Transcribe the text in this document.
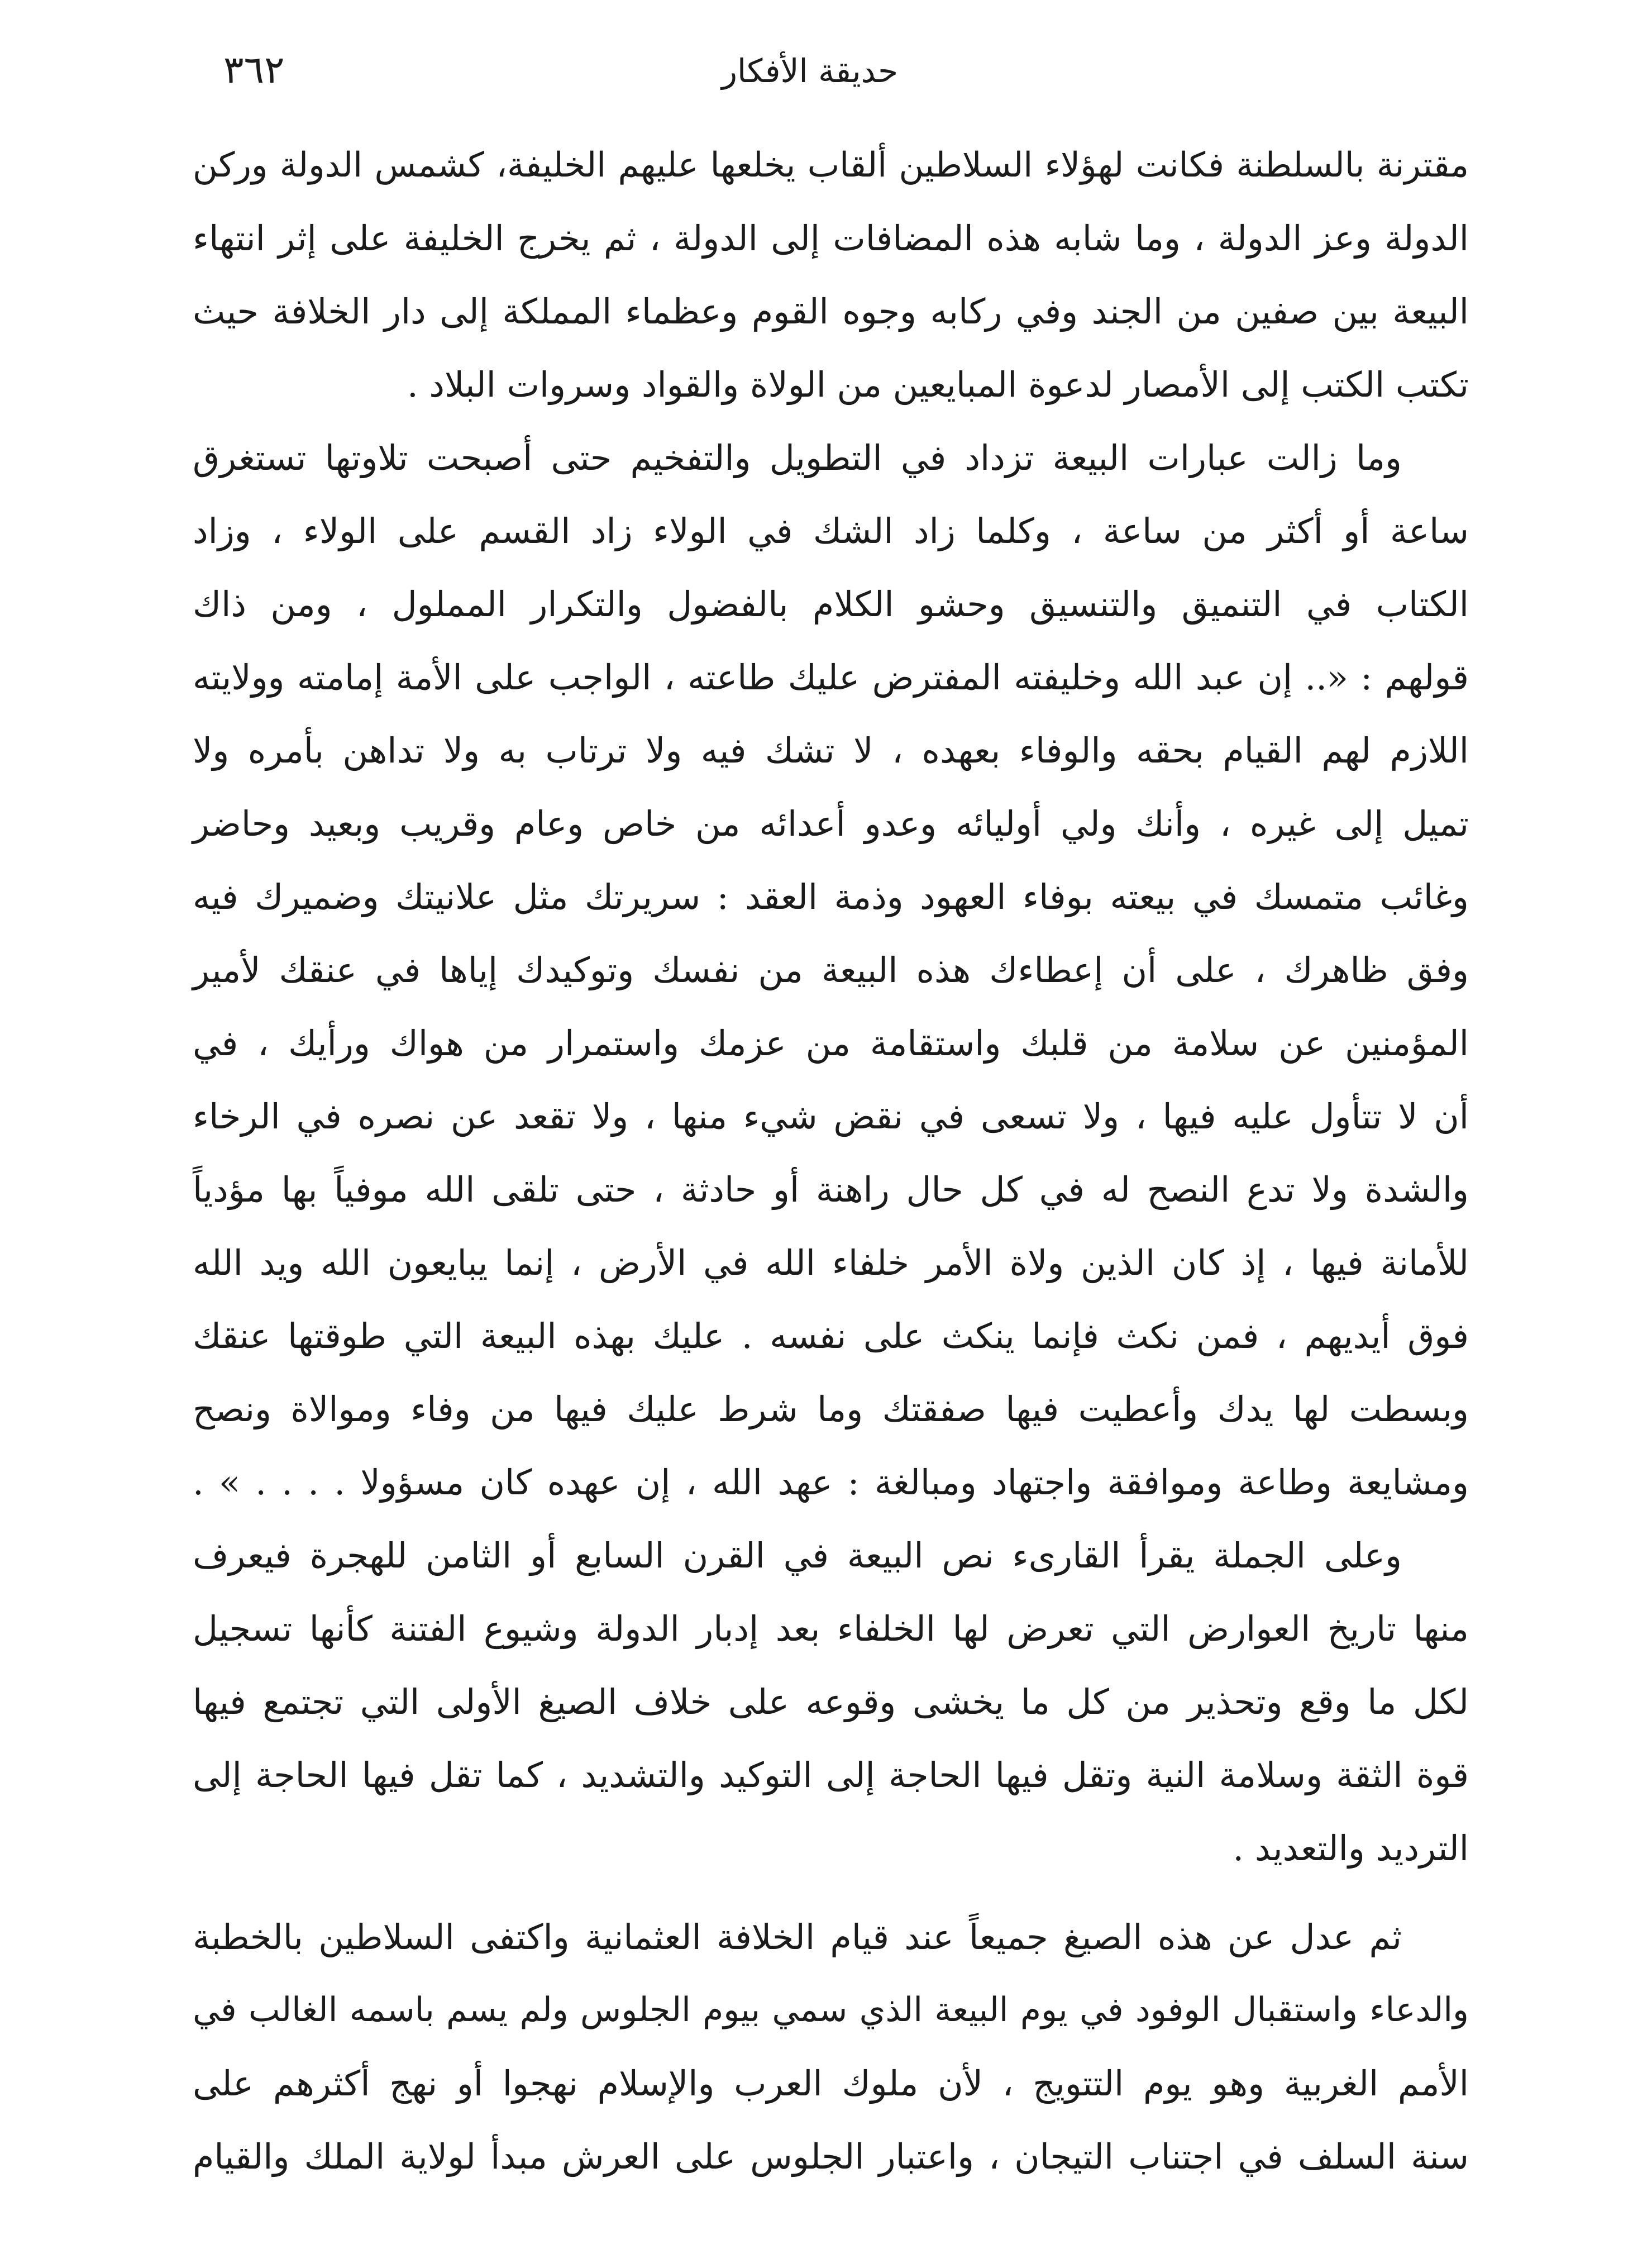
٣٦٢	حديقة الأفكار
مقترنة بالسلطنة فكانت لهؤلاء السلاطين ألقاب يخلعها عليهم الخليفة، كشمس الدولة وركن
الدولة وعز الدولة ، وما شابه هذه المضافات إلى الدولة ، ثم يخرج الخليفة على إثر انتهاء
البيعة بين صفين من الجند وفي ركابه وجوه القوم وعظماء المملكة إلى دار الخلافة حيث
تكتب الكتب إلى الأمصار لدعوة المبايعين من الولاة والقواد وسروات البلاد .
وما زالت عبارات البيعة تزداد في التطويل والتفخيم حتى أصبحت تلاوتها تستغرق
ساعة أو أكثر من ساعة ، وكلما زاد الشك في الولاء زاد القسم على الولاء ، وزاد
الكتاب في التنميق والتنسيق وحشو الكلام بالفضول والتكرار المملول ، ومن ذاك
قولهم : «.. إن عبد الله وخليفته المفترض عليك طاعته ، الواجب على الأمة إمامته وولايته
اللازم لهم القيام بحقه والوفاء بعهده ، لا تشك فيه ولا ترتاب به ولا تداهن بأمره ولا
تميل إلى غيره ، وأنك ولي أوليائه وعدو أعدائه من خاص وعام وقريب وبعيد وحاضر
وغائب متمسك في بيعته بوفاء العهود وذمة العقد : سريرتك مثل علانيتك وضميرك فيه
وفق ظاهرك ، على أن إعطاءك هذه البيعة من نفسك وتوكيدك إياها في عنقك لأمير
المؤمنين عن سلامة من قلبك واستقامة من عزمك واستمرار من هواك ورأيك ، في
أن لا تتأول عليه فيها ، ولا تسعى في نقض شيء منها ، ولا تقعد عن نصره في الرخاء
والشدة ولا تدع النصح له في كل حال راهنة أو حادثة ، حتى تلقى الله موفياً بها مؤدياً
للأمانة فيها ، إذ كان الذين ولاة الأمر خلفاء الله في الأرض ، إنما يبايعون الله ويد الله
فوق أيديهم ، فمن نكث فإنما ينكث على نفسه . عليك بهذه البيعة التي طوقتها عنقك
وبسطت لها يدك وأعطيت فيها صفقتك وما شرط عليك فيها من وفاء وموالاة ونصح
ومشايعة وطاعة وموافقة واجتهاد ومبالغة : عهد الله ، إن عهده كان مسؤولا . . . . » .
وعلى الجملة يقرأ القارىء نص البيعة في القرن السابع أو الثامن للهجرة فيعرف
منها تاريخ العوارض التي تعرض لها الخلفاء بعد إدبار الدولة وشيوع الفتنة كأنها تسجيل
لكل ما وقع وتحذير من كل ما يخشى وقوعه على خلاف الصيغ الأولى التي تجتمع فيها
قوة الثقة وسلامة النية وتقل فيها الحاجة إلى التوكيد والتشديد ، كما تقل فيها الحاجة إلى
الترديد والتعديد .
ثم عدل عن هذه الصيغ جميعاً عند قيام الخلافة العثمانية واكتفى السلاطين بالخطبة
والدعاء واستقبال الوفود في يوم البيعة الذي سمي بيوم الجلوس ولم يسم باسمه الغالب في
الأمم الغربية وهو يوم التتويج ، لأن ملوك العرب والإسلام نهجوا أو نهج أكثرهم على
سنة السلف في اجتناب التيجان ، واعتبار الجلوس على العرش مبدأ لولاية الملك والقيام
